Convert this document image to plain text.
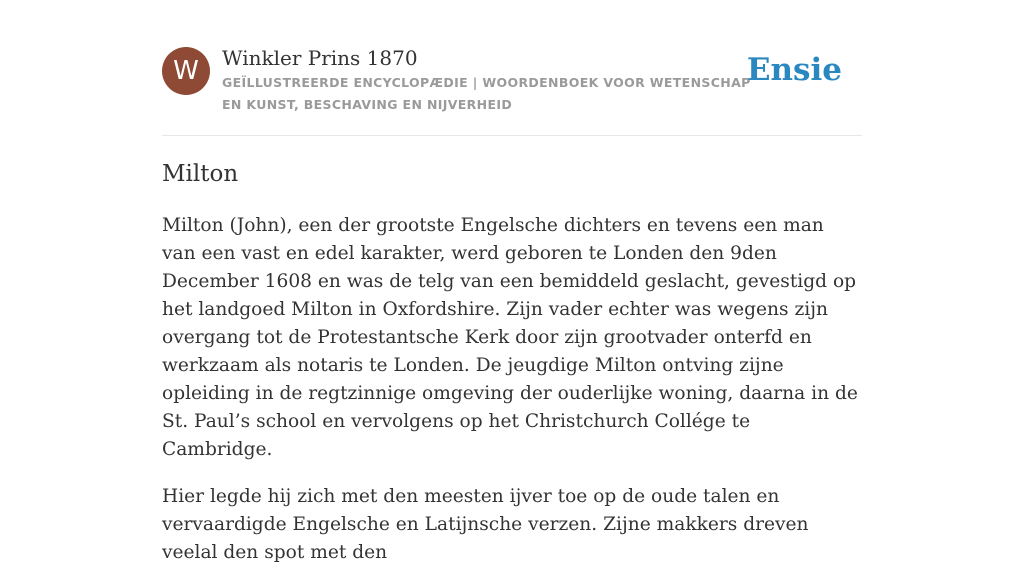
W	Winkler Prins 1870
GEÏLLUSTREERDE ENCYCLOPÆDIE | WOORDENBOEK VOOR WETENSCHAP EN KUNST, BESCHAVING EN NIJVERHEID
Ensie
Milton

Milton (John), een der grootste Engelsche dichters en tevens een man van een vast en edel karakter, werd geboren te Londen den 9den December 1608 en was de telg van een bemiddeld geslacht, gevestigd op het landgoed Milton in Oxfordshire. Zijn vader echter was wegens zijn overgang tot de Protestantsche Kerk door zijn grootvader onterfd en werkzaam als notaris te Londen. De jeugdige Milton ontving zijne opleiding in de regtzinnige omgeving der ouderlijke woning, daarna in de St. Paul’s school en vervolgens op het Christchurch Collége te Cambridge.

Hier legde hij zich met den meesten ijver toe op de oude talen en vervaardigde Engelsche en Latijnsche verzen. Zijne makkers dreven veelal den spot met den
